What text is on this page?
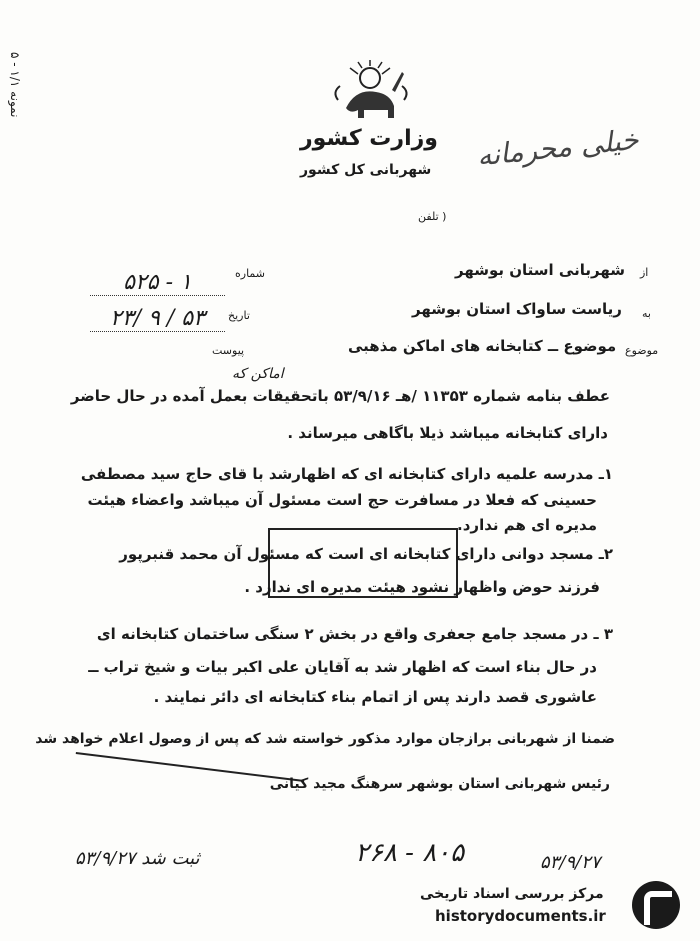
نمونه ۱/۱ - ۵
وزارت کشور
شهربانی کل کشور	خیلی محرمانه
( تلفن
شماره
۵۲۵ - ۱
تاریخ
۲۳/ ۹ / ۵۳
پیوست
از
شهربانی استان بوشهر
به
ریاست ساواک استان بوشهر
موضوع
موضوع ــ کتابخانه های اماکن مذهبی
اماکن که
عطف بنامه شماره ۱۱۳۵۳ /هـ ۵۳/۹/۱۶ باتحقیقات بعمل آمده در حال حاضر
دارای کتابخانه میباشد ذیلا باگاهی میرساند .
۱ـ مدرسه علمیه دارای کتابخانه ای که اظهارشد با قای حاج سید مصطفی
حسینی که فعلا در مسافرت حج است مسئول آن میباشد واعضاء هیئت
مدیره ای هم ندارد.
۲ـ مسجد دوانی دارای کتابخانه ای است که مسئول آن محمد قنبرپور
فرزند حوض واظهار نشود هیئت مدیره ای ندارد .
۳ ـ در مسجد جامع جعفری واقع در بخش ۲ سنگی ساختمان کتابخانه ای
در حال بناء است که اظهار شد به آقایان علی اکبر بیات و شیخ تراب ــ
عاشوری قصد دارند پس از اتمام بناء کتابخانه ای دائر نمایند .
ضمنا از شهربانی برازجان موارد مذکور خواسته شد که پس از وصول اعلام خواهد شد
رئیس شهربانی استان بوشهر سرهنگ مجید کیانی
۲۶۸ - ۸۰۵
ثبت شد ۵۳/۹/۲۷	۵۳/۹/۲۷
مرکز بررسی اسناد تاریخی
historydocuments.ir
